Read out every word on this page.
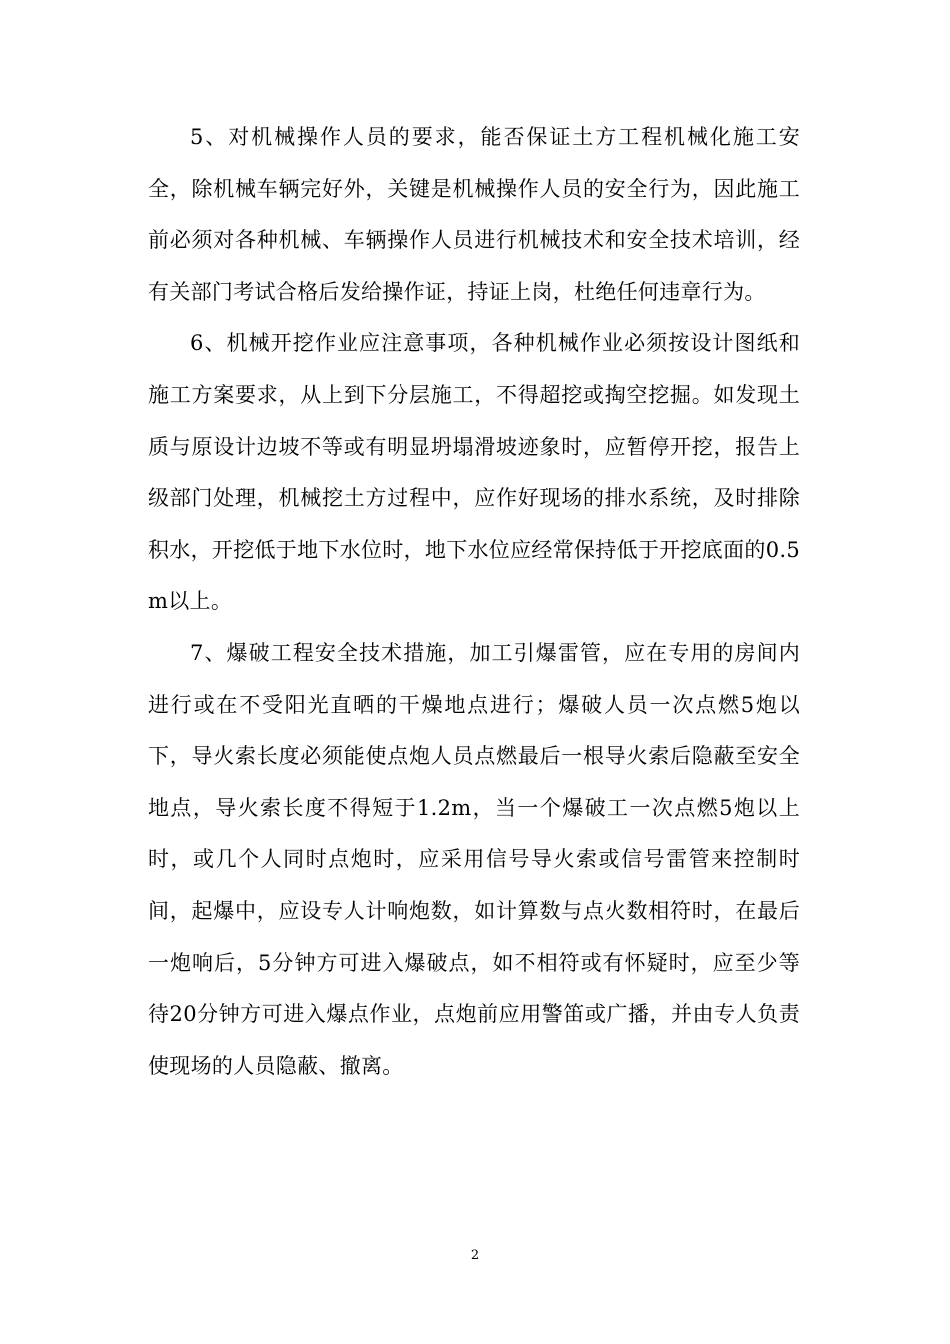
5、对机械操作人员的要求，能否保证土方工程机械化施工安全，除机械车辆完好外，关键是机械操作人员的安全行为，因此施工前必须对各种机械、车辆操作人员进行机械技术和安全技术培训，经有关部门考试合格后发给操作证，持证上岗，杜绝任何违章行为。

6、机械开挖作业应注意事项，各种机械作业必须按设计图纸和施工方案要求，从上到下分层施工，不得超挖或掏空挖掘。如发现土质与原设计边坡不等或有明显坍塌滑坡迹象时，应暂停开挖，报告上级部门处理，机械挖土方过程中，应作好现场的排水系统，及时排除积水，开挖低于地下水位时，地下水位应经常保持低于开挖底面的0.5m以上。

7、爆破工程安全技术措施，加工引爆雷管，应在专用的房间内进行或在不受阳光直晒的干燥地点进行；爆破人员一次点燃5炮以下，导火索长度必须能使点炮人员点燃最后一根导火索后隐蔽至安全地点，导火索长度不得短于1.2m，当一个爆破工一次点燃5炮以上时，或几个人同时点炮时，应采用信号导火索或信号雷管来控制时间，起爆中，应设专人计响炮数，如计算数与点火数相符时，在最后一炮响后，5分钟方可进入爆破点，如不相符或有怀疑时，应至少等待20分钟方可进入爆点作业，点炮前应用警笛或广播，并由专人负责使现场的人员隐蔽、撤离。

2
